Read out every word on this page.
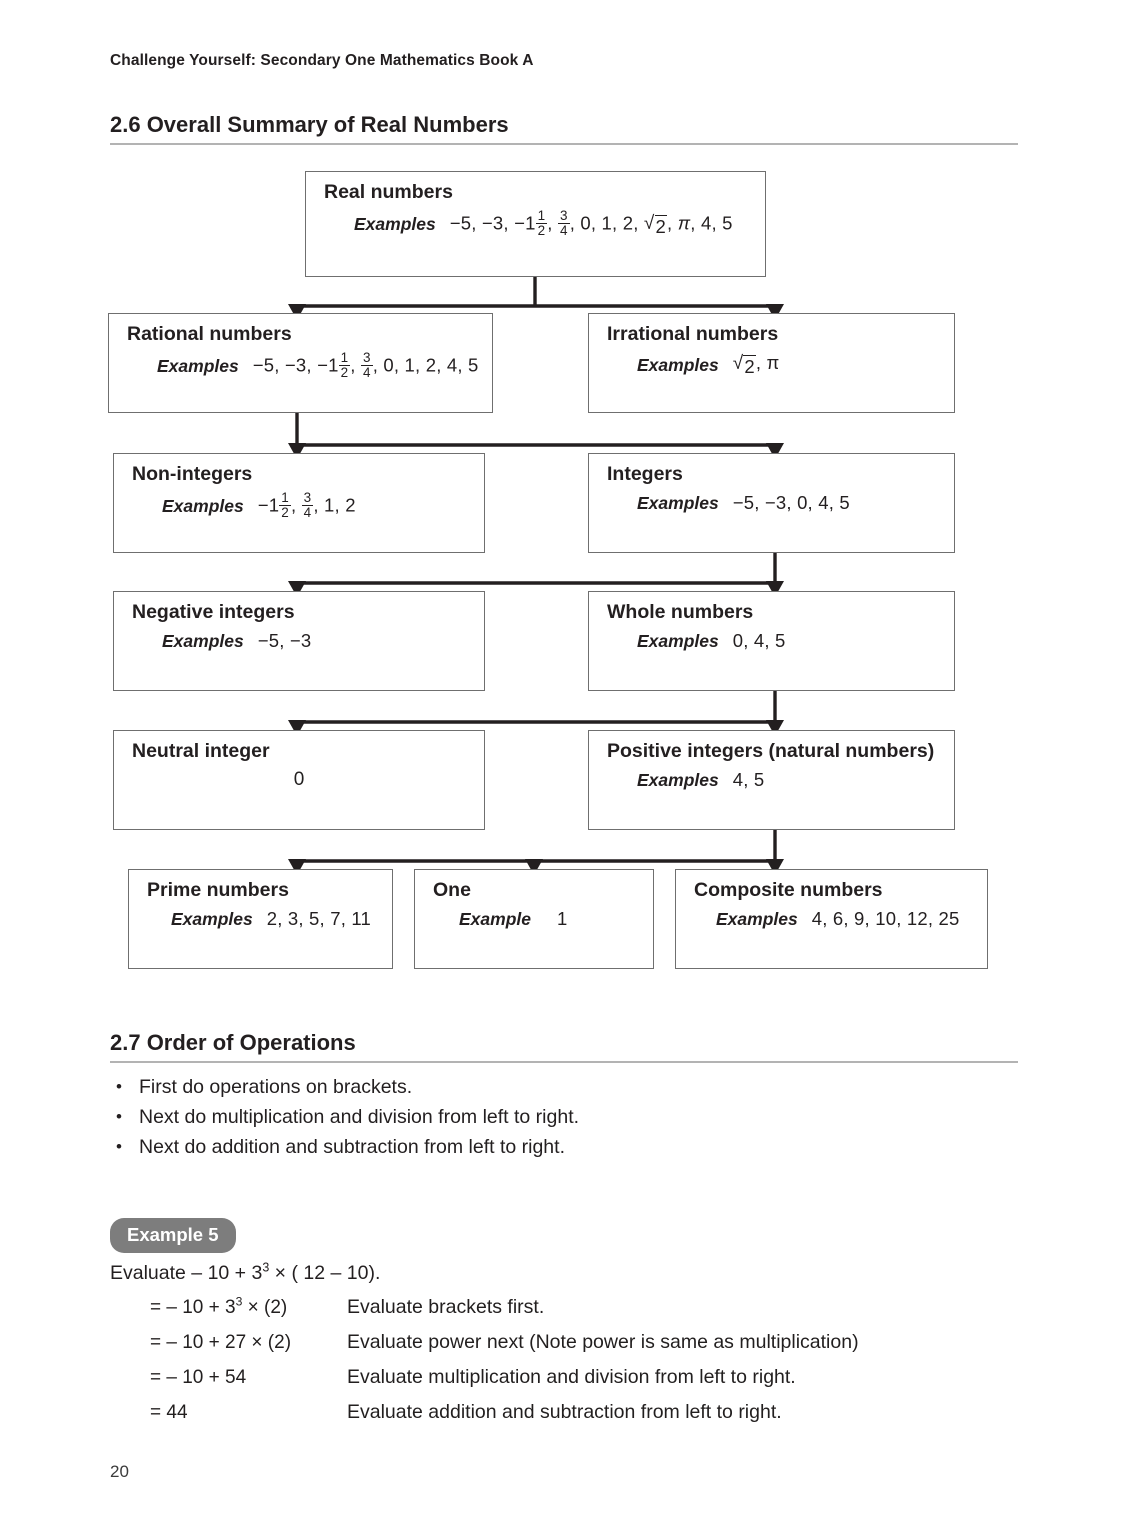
Challenge Yourself: Secondary One Mathematics Book A
2.6 Overall Summary of Real Numbers
Real numbers
Examples −5, −3, $-1 \frac{1}{2}$ , $\frac{3}{4}$ , 0, 1, 2, √ 2 , π, 4, 5
Rational numbers
Examples −5, −3, $-1 \frac{1}{2}$ , $\frac{3}{4}$ , 0, 1, 2, 4, 5
Irrational numbers
Examples √ 2 , π
Non-integers
Examples $-1 \frac{1}{2}$ , $\frac{3}{4}$ , 1, 2
Integers
Examples −5, −3, 0, 4, 5
Negative integers
Examples −5, −3
Whole numbers
Examples 0, 4, 5
Neutral integer
0
Positive integers (natural numbers)
Examples 4, 5
Prime numbers
Examples 2, 3, 5, 7, 11
One
Example 1
Composite numbers
Examples 4, 6, 9, 10, 12, 25
2.7 Order of Operations
• First do operations on brackets.
• Next do multiplication and division from left to right.
• Next do addition and subtraction from left to right.
Example 5
Evaluate – $10 + 3^3$ × ( 12 – 10).
= – $10 + 3^3 \times (2)$	Evaluate brackets first.
= – 10 + 27 × (2)	Evaluate power next (Note power is same as multiplication)
= – 10 + 54	Evaluate multiplication and division from left to right.
= 44	Evaluate addition and subtraction from left to right.
20
